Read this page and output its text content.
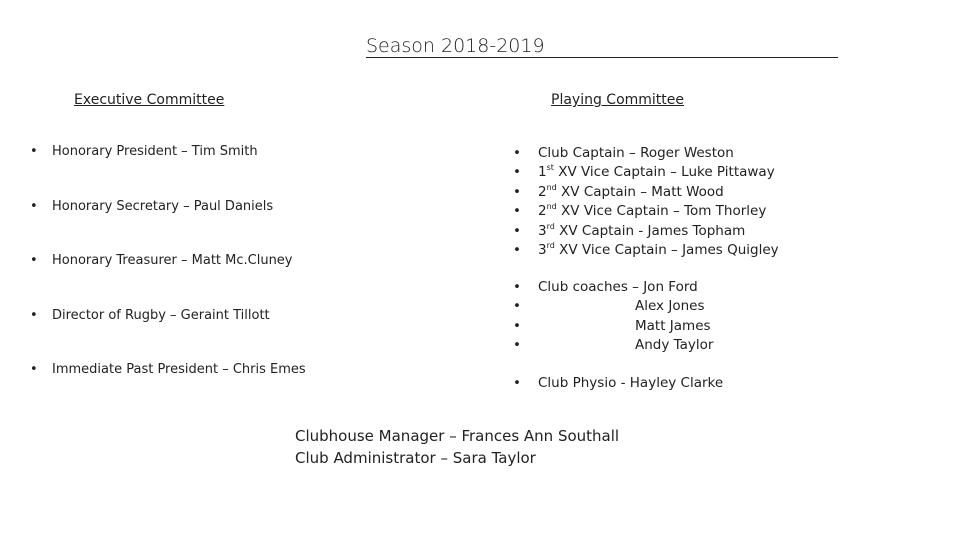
Season 2018-2019
Executive Committee	Playing Committee
• Honorary President – Tim Smith
• Honorary Secretary – Paul Daniels
• Honorary Treasurer – Matt Mc.Cluney
• Director of Rugby – Geraint Tillott
• Immediate Past President – Chris Emes
• Club Captain – Roger Weston
• 1st XV Vice Captain – Luke Pittaway
• 2nd XV Captain – Matt Wood
• 2nd XV Vice Captain – Tom Thorley
• 3rd XV Captain - James Topham
• 3rd XV Vice Captain – James Quigley
• Club coaches – Jon Ford
•	Alex Jones
•	Matt James
•	Andy Taylor
• Club Physio - Hayley Clarke
Clubhouse Manager – Frances Ann Southall
Club Administrator – Sara Taylor
